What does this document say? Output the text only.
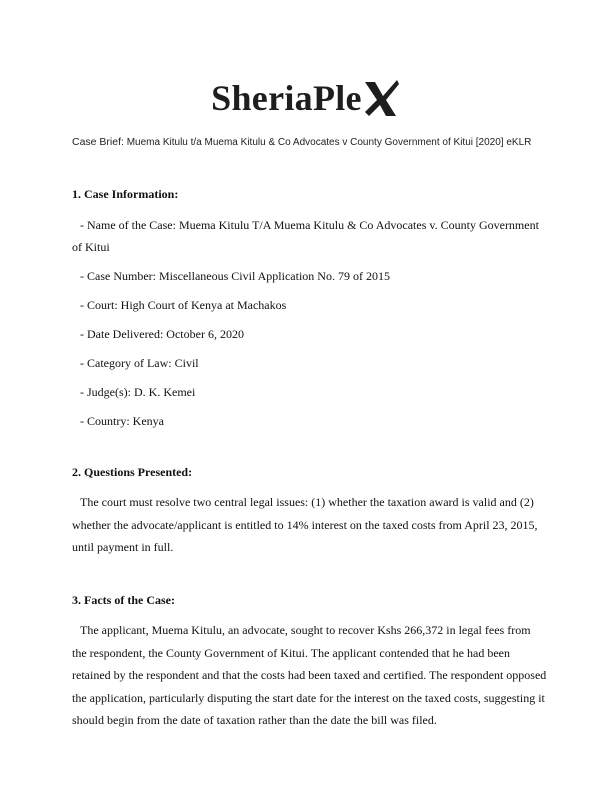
SheriaPle
Case Brief: Muema Kitulu t/a Muema Kitulu & Co Advocates v County Government of Kitui [2020] eKLR

1. Case Information:

- Name of the Case: Muema Kitulu T/A Muema Kitulu & Co Advocates v. County Government of Kitui

- Case Number: Miscellaneous Civil Application No. 79 of 2015

- Court: High Court of Kenya at Machakos

- Date Delivered: October 6, 2020

- Category of Law: Civil

- Judge(s): D. K. Kemei

- Country: Kenya

2. Questions Presented:

The court must resolve two central legal issues: (1) whether the taxation award is valid and (2) whether the advocate/applicant is entitled to 14% interest on the taxed costs from April 23, 2015, until payment in full.

3. Facts of the Case:

The applicant, Muema Kitulu, an advocate, sought to recover Kshs 266,372 in legal fees from the respondent, the County Government of Kitui. The applicant contended that he had been retained by the respondent and that the costs had been taxed and certified. The respondent opposed the application, particularly disputing the start date for the interest on the taxed costs, suggesting it should begin from the date of taxation rather than the date the bill was filed.
